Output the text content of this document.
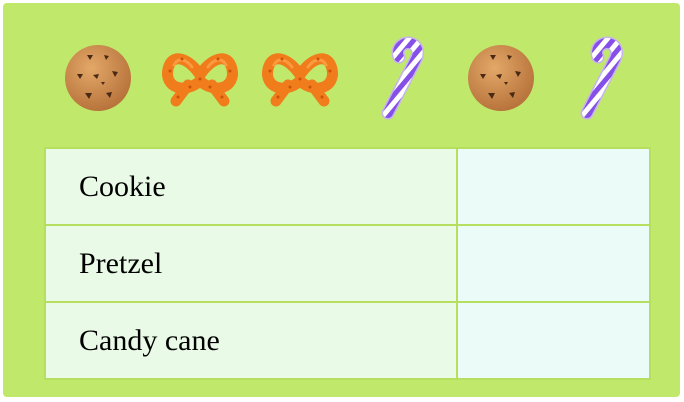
Cookie	
Pretzel	
Candy cane	
